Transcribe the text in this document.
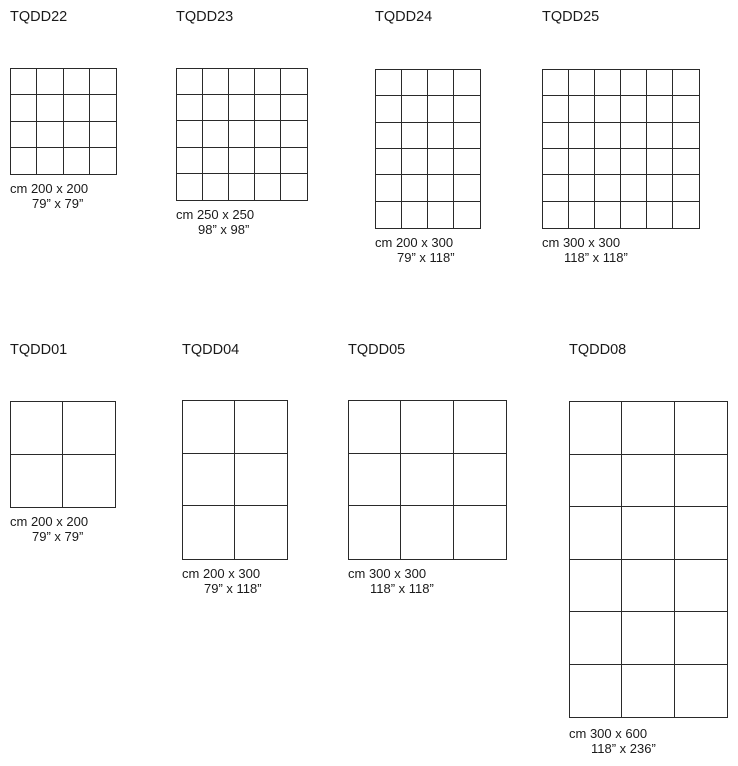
TQDD22
cm 200 x 200
79” x 79”
TQDD23
cm 250 x 250
98” x 98”
TQDD24
cm 200 x 300
79” x 118”
TQDD25
cm 300 x 300
118” x 118”
TQDD01
cm 200 x 200
79” x 79”
TQDD04
cm 200 x 300
79” x 118”
TQDD05
cm 300 x 300
118” x 118”
TQDD08
cm 300 x 600
118” x 236”
